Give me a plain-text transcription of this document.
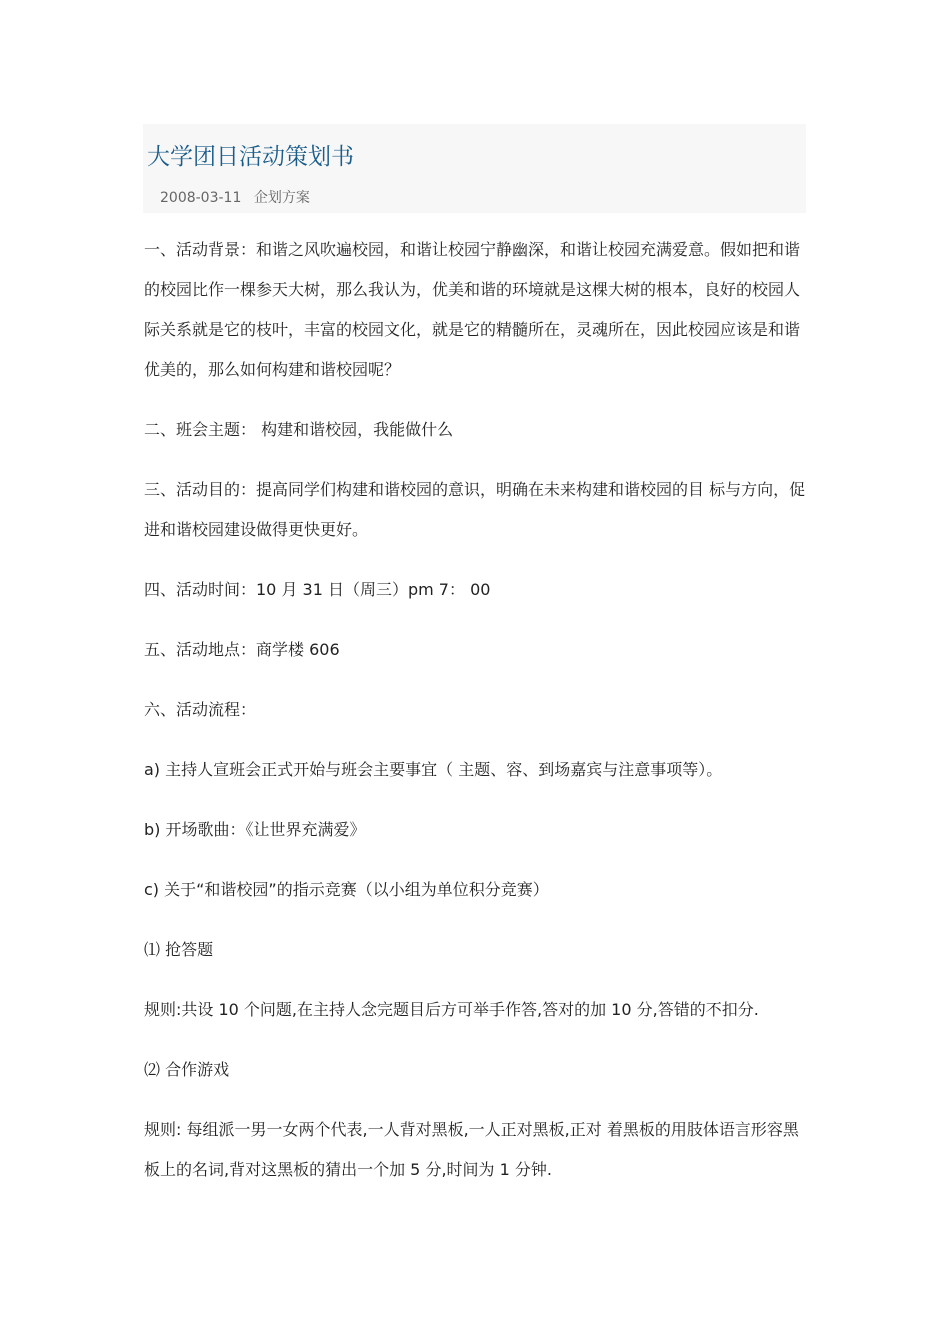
大学团日活动策划书
2008-03-11 企划方案

一、活动背景：和谐之风吹遍校园，和谐让校园宁静幽深，和谐让校园充满爱意。假如把和谐的校园比作一棵参天大树，那么我认为，优美和谐的环境就是这棵大树的根本，良好的校园人际关系就是它的枝叶，丰富的校园文化，就是它的精髓所在，灵魂所在，因此校园应该是和谐优美的，那么如何构建和谐校园呢？

二、班会主题： 构建和谐校园，我能做什么

三、活动目的：提高同学们构建和谐校园的意识，明确在未来构建和谐校园的目 标与方向，促进和谐校园建设做得更快更好。

四、活动时间：10 月 31 日（周三）pm 7： 00

五、活动地点：商学楼 606

六、活动流程：

a) 主持人宣班会正式开始与班会主要事宜（ 主题、容、到场嘉宾与注意事项等）。

b) 开场歌曲：《让世界充满爱》

c) 关于“和谐校园”的指示竞赛（以小组为单位积分竞赛）

⑴ 抢答题

规则:共设 10 个问题,在主持人念完题目后方可举手作答,答对的加 10 分,答错的不扣分.

⑵ 合作游戏

规则: 每组派一男一女两个代表,一人背对黑板,一人正对黑板,正对 着黑板的用肢体语言形容黑板上的名词,背对这黑板的猜出一个加 5 分,时间为 1 分钟.
